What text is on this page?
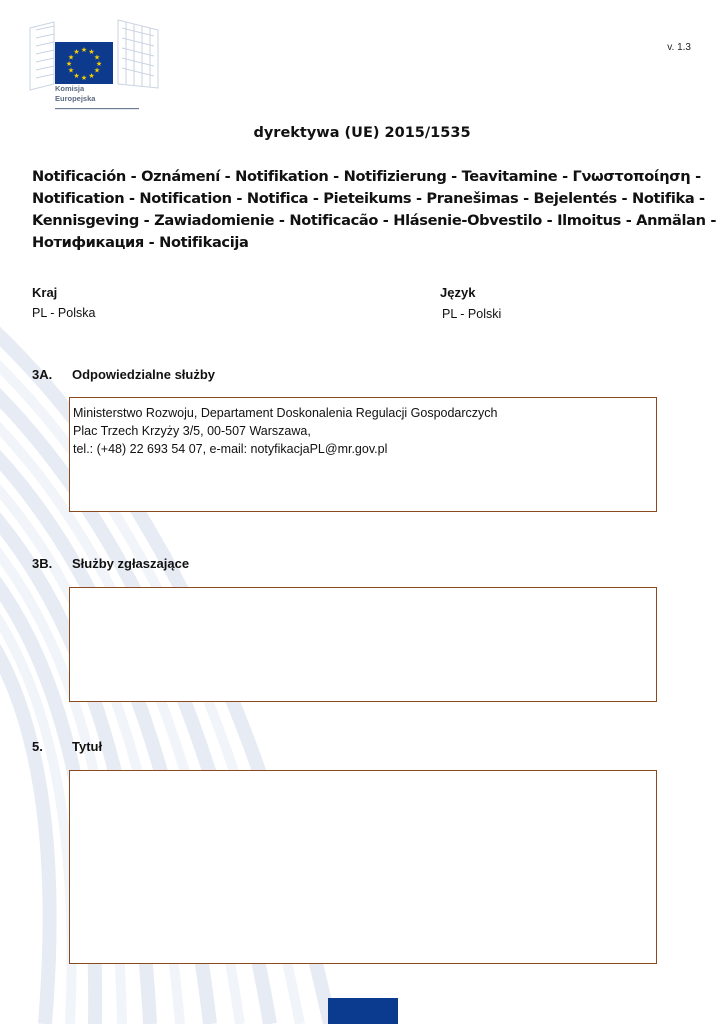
★ ★
★
★
★
★
★
★
★
★
★
★
Komisja
Europejska
v. 1.3
dyrektywa (UE) 2015/1535
Notificación - Oznámení - Notifikation - Notifizierung - Teavitamine - Γνωστοποίηση -
Notification - Notification - Notifica - Pieteikums - Pranešimas - Bejelentés - Notifika -
Kennisgeving - Zawiadomienie - Notificacão - Hlásenie-Obvestilo - Ilmoitus - Anmälan -
Нотификация - Notifikacija
Kraj
PL - Polska
Język
PL - Polski
3A. Odpowiedzialne służby
Ministerstwo Rozwoju, Departament Doskonalenia Regulacji Gospodarczych
Plac Trzech Krzyży 3/5, 00-507 Warszawa,
tel.: (+48) 22 693 54 07, e-mail: notyfikacjaPL@mr.gov.pl
3B. Służby zgłaszające
5. Tytuł
